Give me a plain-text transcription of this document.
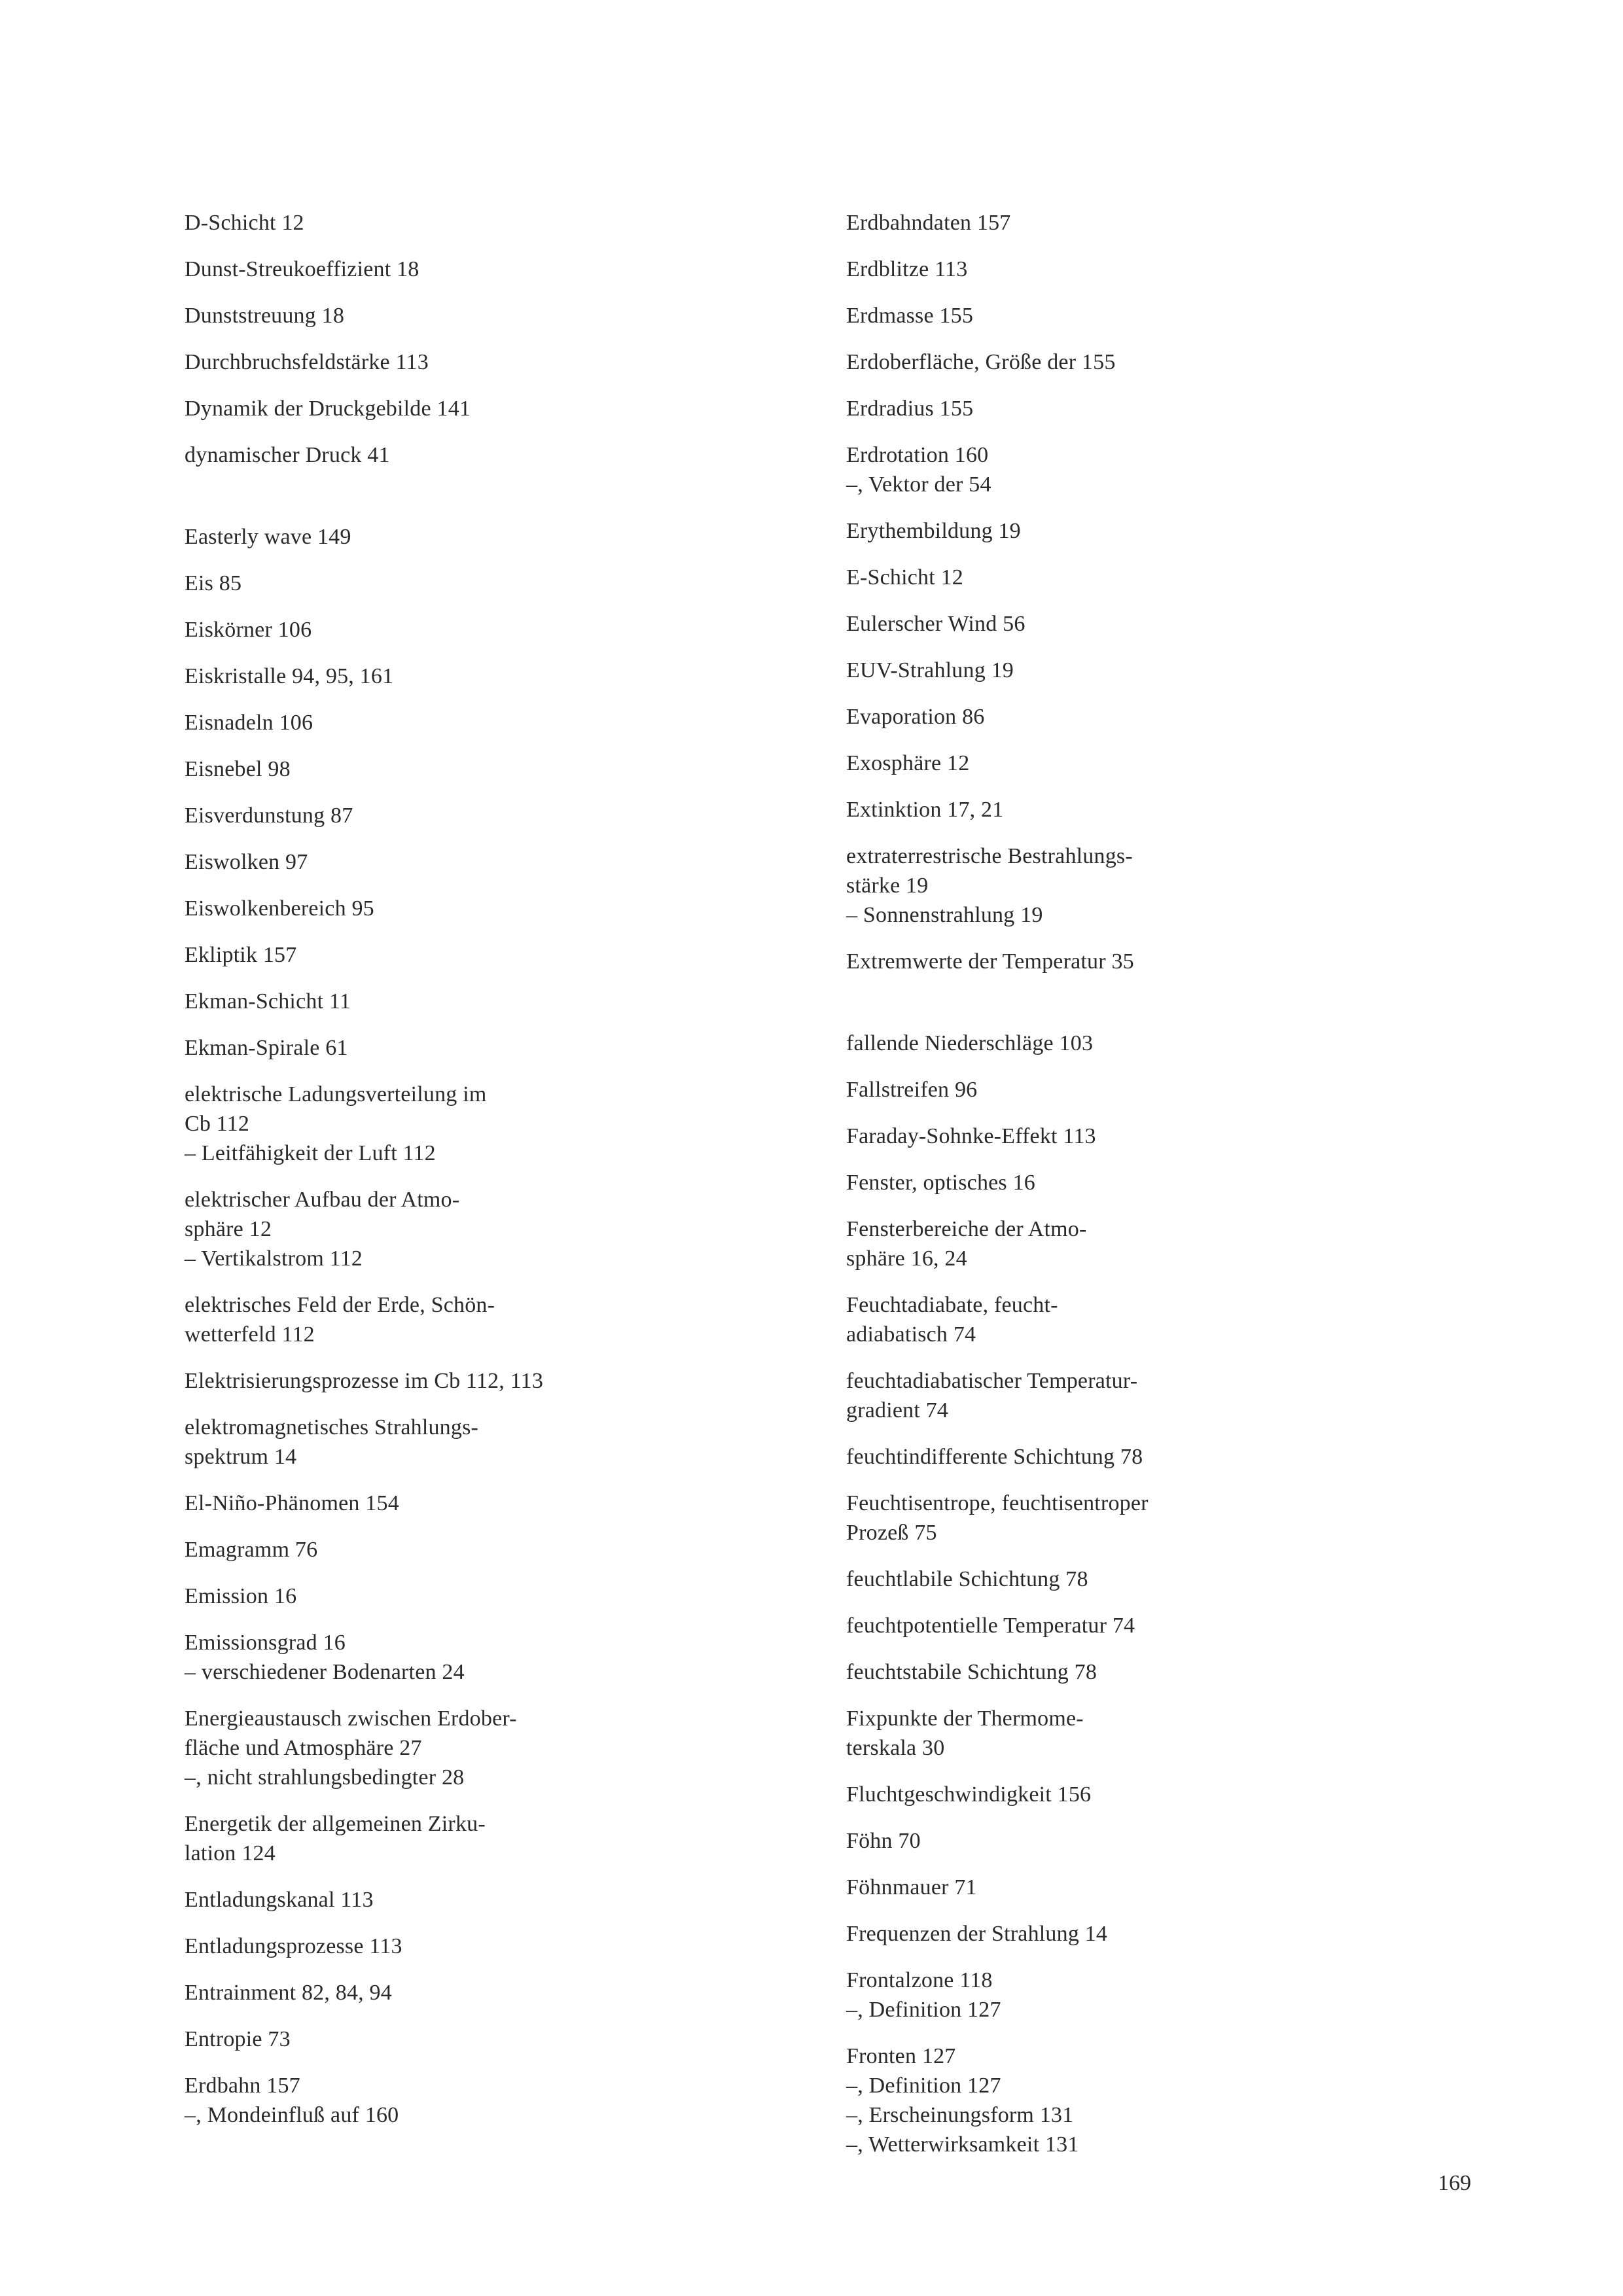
D-Schicht 12
Dunst-Streukoeffizient 18
Dunststreuung 18
Durchbruchsfeldstärke 113
Dynamik der Druckgebilde 141
dynamischer Druck 41
Easterly wave 149
Eis 85
Eiskörner 106
Eiskristalle 94, 95, 161
Eisnadeln 106
Eisnebel 98
Eisverdunstung 87
Eiswolken 97
Eiswolkenbereich 95
Ekliptik 157
Ekman-Schicht 11
Ekman-Spirale 61
elektrische Ladungsverteilung im
Cb 112
– Leitfähigkeit der Luft 112
elektrischer Aufbau der Atmo-
sphäre 12
– Vertikalstrom 112
elektrisches Feld der Erde, Schön-
wetterfeld 112
Elektrisierungsprozesse im Cb 112, 113
elektromagnetisches Strahlungs-
spektrum 14
El-Niño-Phänomen 154
Emagramm 76
Emission 16
Emissionsgrad 16
– verschiedener Bodenarten 24
Energieaustausch zwischen Erdober-
fläche und Atmosphäre 27
–, nicht strahlungsbedingter 28
Energetik der allgemeinen Zirku-
lation 124
Entladungskanal 113
Entladungsprozesse 113
Entrainment 82, 84, 94
Entropie 73
Erdbahn 157
–, Mondeinfluß auf 160
Erdbahndaten 157
Erdblitze 113
Erdmasse 155
Erdoberfläche, Größe der 155
Erdradius 155
Erdrotation 160
–, Vektor der 54
Erythembildung 19
E-Schicht 12
Eulerscher Wind 56
EUV-Strahlung 19
Evaporation 86
Exosphäre 12
Extinktion 17, 21
extraterrestrische Bestrahlungs-
stärke 19
– Sonnenstrahlung 19
Extremwerte der Temperatur 35
fallende Niederschläge 103
Fallstreifen 96
Faraday-Sohnke-Effekt 113
Fenster, optisches 16
Fensterbereiche der Atmo-
sphäre 16, 24
Feuchtadiabate, feucht-
adiabatisch 74
feuchtadiabatischer Temperatur-
gradient 74
feuchtindifferente Schichtung 78
Feuchtisentrope, feuchtisentroper
Prozeß 75
feuchtlabile Schichtung 78
feuchtpotentielle Temperatur 74
feuchtstabile Schichtung 78
Fixpunkte der Thermome-
terskala 30
Fluchtgeschwindigkeit 156
Föhn 70
Föhnmauer 71
Frequenzen der Strahlung 14
Frontalzone 118
–, Definition 127
Fronten 127
–, Definition 127
–, Erscheinungsform 131
–, Wetterwirksamkeit 131
169
